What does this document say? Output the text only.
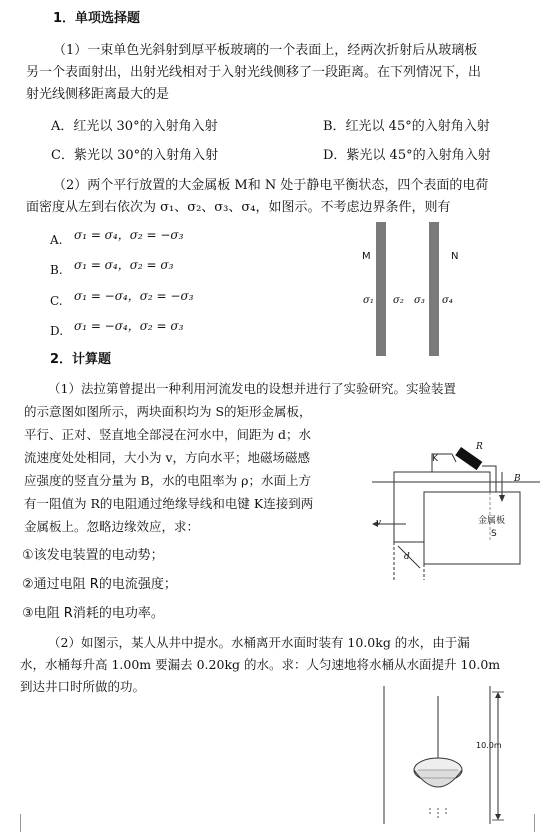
1．单项选择题
（1）一束单色光斜射到厚平板玻璃的一个表面上，经两次折射后从玻璃板
另一个表面射出，出射光线相对于入射光线侧移了一段距离。在下列情况下，出
射光线侧移距离最大的是
A．红光以 30°的入射角入射	B．红光以 45°的入射角入射
C．紫光以 30°的入射角入射	D．紫光以 45°的入射角入射
（2）两个平行放置的大金属板 M和 N 处于静电平衡状态，四个表面的电荷
面密度从左到右依次为 σ₁、σ₂、σ₃、σ₄，如图示。不考虑边界条件，则有
A. σ₁ = σ₄，σ₂ = −σ₃
B. σ₁ = σ₄，σ₂ = σ₃
C. σ₁ = −σ₄，σ₂ = −σ₃
D. σ₁ = −σ₄，σ₂ = σ₃
M	N
σ₁ σ₂ σ₃ σ₄
2．计算题
（1）法拉第曾提出一种利用河流发电的设想并进行了实验研究。实验装置
的示意图如图所示，两块面积均为 S的矩形金属板，
平行、正对、竖直地全部浸在河水中，间距为 d；水
流速度处处相同，大小为 v，方向水平；地磁场磁感
应强度的竖直分量为 B，水的电阻率为 ρ；水面上方
有一阻值为 R的电阻通过绝缘导线和电键 K连接到两
金属板上。忽略边缘效应，求：
①该发电装置的电动势；
②通过电阻 R的电流强度；
③电阻 R消耗的电功率。
R
K
B
v	金属板
S
d
（2）如图示，某人从井中提水。水桶离开水面时装有 10.0kg 的水，由于漏
水，水桶每升高 1.00m 要漏去 0.20kg 的水。求：人匀速地将水桶从水面提升 10.0m
到达井口时所做的功。
10.0m
